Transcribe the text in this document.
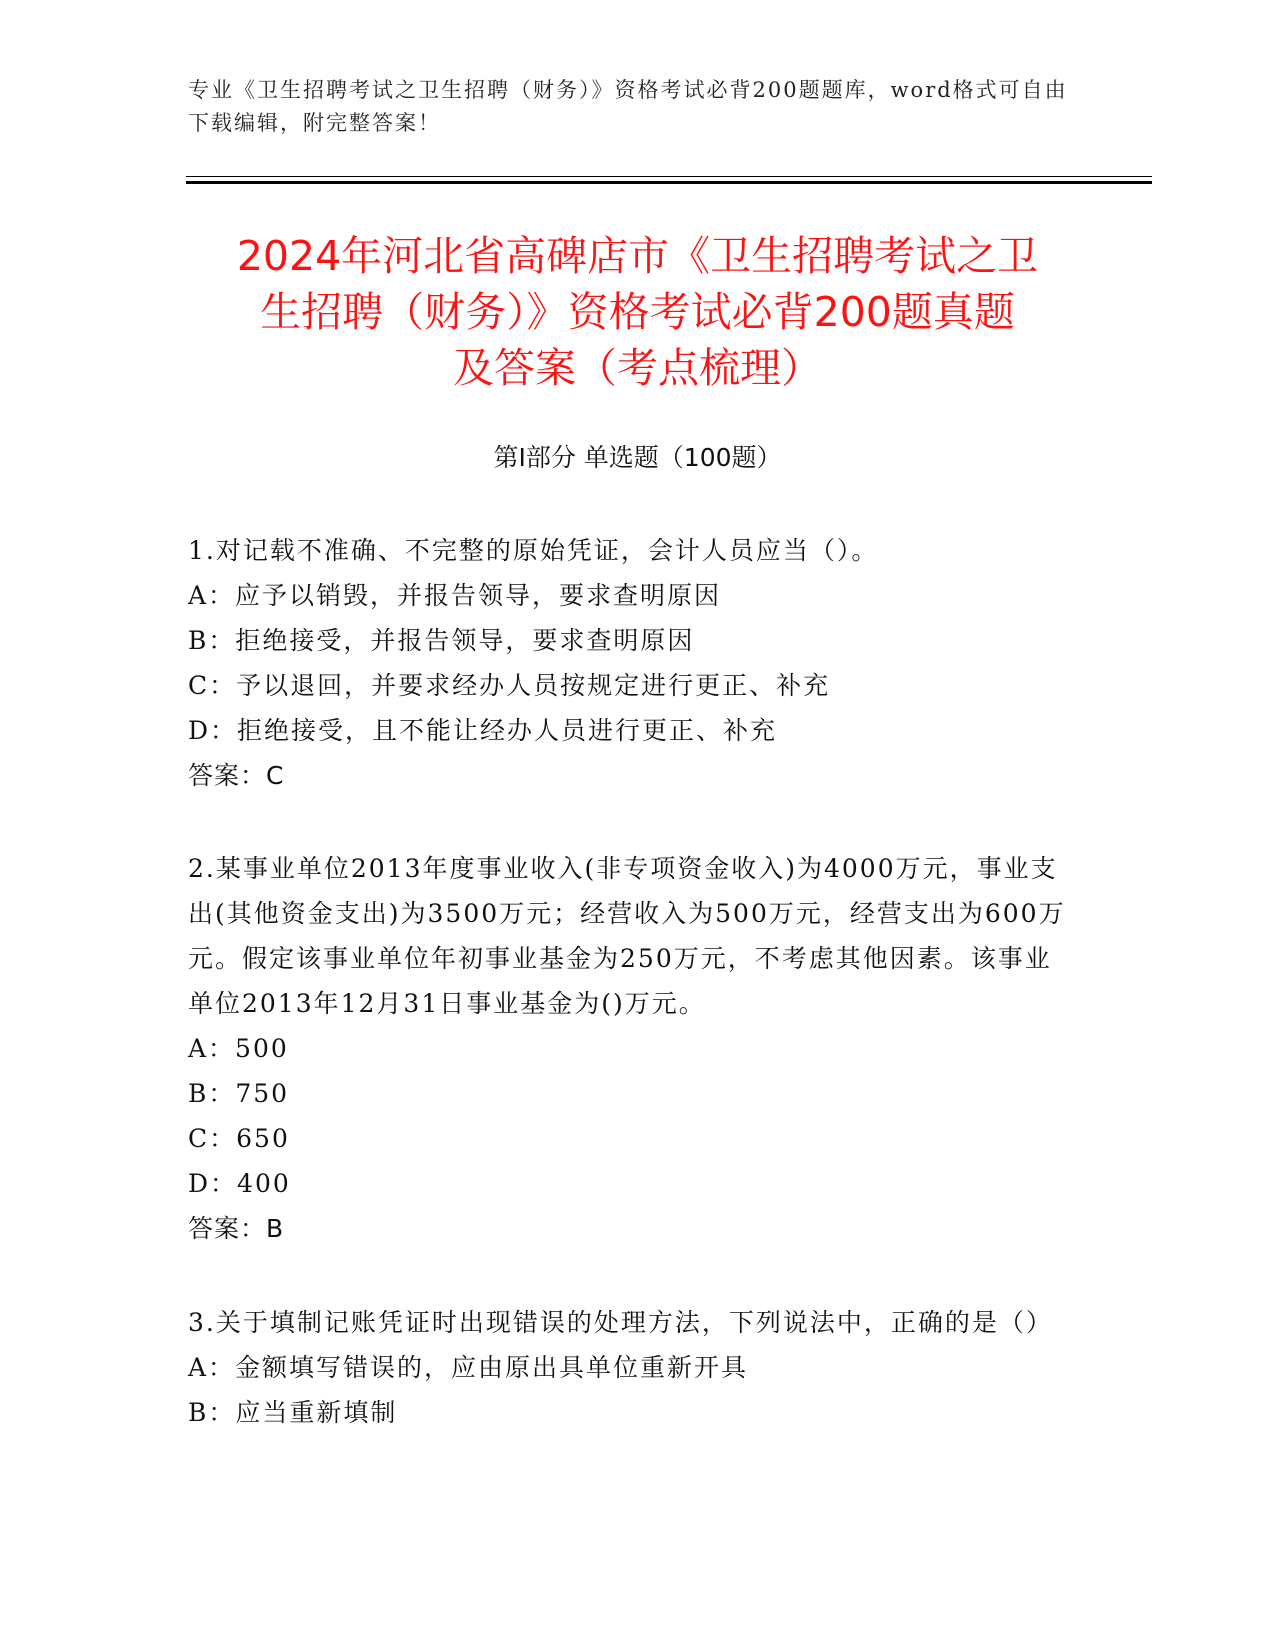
专业《卫生招聘考试之卫生招聘（财务）》资格考试必背200题题库，word格式可自由下载编辑，附完整答案！
2024年河北省高碑店市《卫生招聘考试之卫
生招聘（财务）》资格考试必背200题真题
及答案（考点梳理）
第I部分 单选题（100题）
1.对记载不准确、不完整的原始凭证，会计人员应当（）。
A：应予以销毁，并报告领导，要求查明原因
B：拒绝接受，并报告领导，要求查明原因
C：予以退回，并要求经办人员按规定进行更正、补充
D：拒绝接受，且不能让经办人员进行更正、补充
答案：C
2.某事业单位2013年度事业收入(非专项资金收入)为4000万元，事业支出(其他资金支出)为3500万元；经营收入为500万元，经营支出为600万元。假定该事业单位年初事业基金为250万元，不考虑其他因素。该事业单位2013年12月31日事业基金为()万元。
A：500
B：750
C：650
D：400
答案：B
3.关于填制记账凭证时出现错误的处理方法，下列说法中，正确的是（）
A：金额填写错误的，应由原出具单位重新开具
B：应当重新填制
